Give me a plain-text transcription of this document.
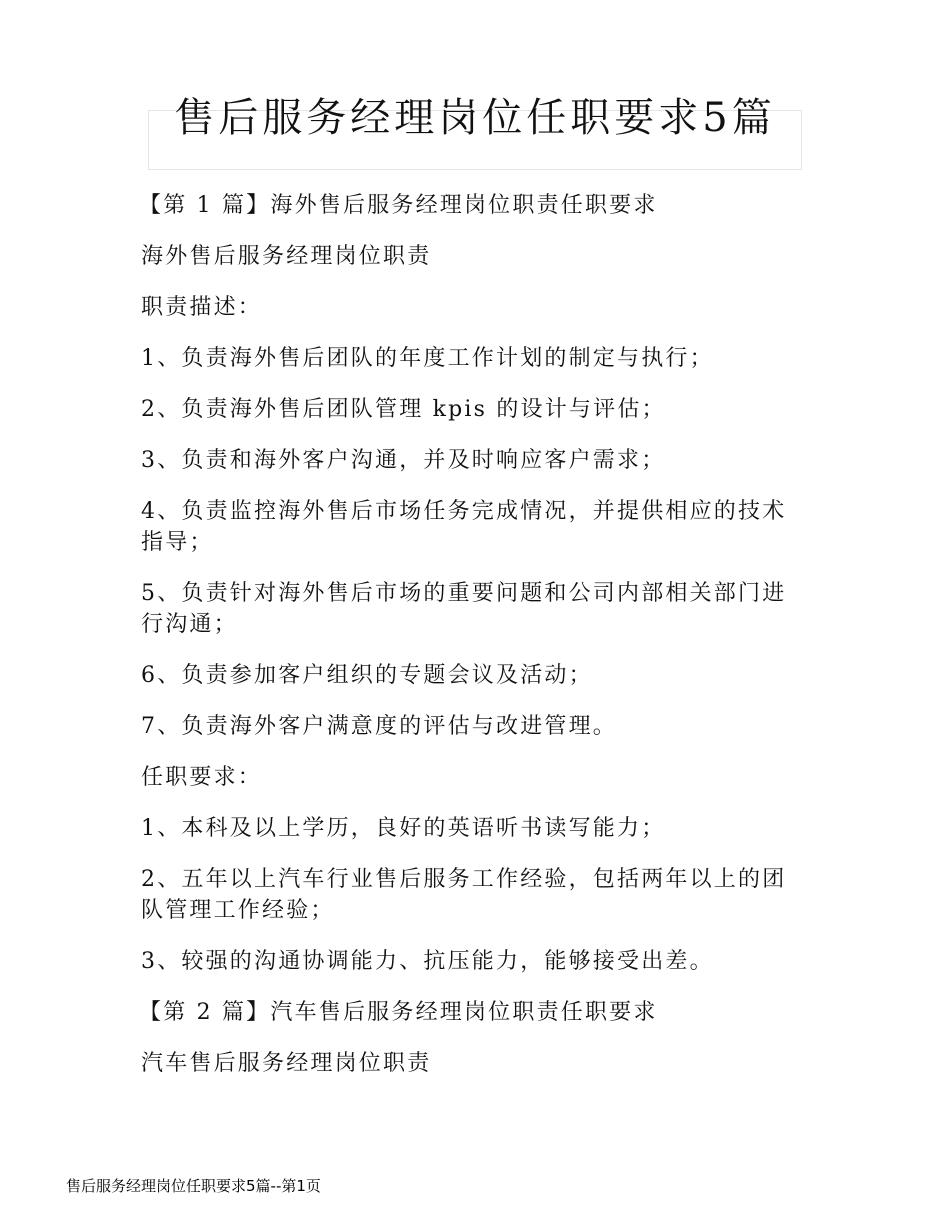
售后服务经理岗位任职要求5篇

【第 1 篇】海外售后服务经理岗位职责任职要求

海外售后服务经理岗位职责

职责描述：

1、负责海外售后团队的年度工作计划的制定与执行；

2、负责海外售后团队管理 kpis 的设计与评估；

3、负责和海外客户沟通，并及时响应客户需求；

4、负责监控海外售后市场任务完成情况，并提供相应的技术指导；

5、负责针对海外售后市场的重要问题和公司内部相关部门进行沟通；

6、负责参加客户组织的专题会议及活动；

7、负责海外客户满意度的评估与改进管理。

任职要求：

1、本科及以上学历，良好的英语听书读写能力；

2、五年以上汽车行业售后服务工作经验，包括两年以上的团队管理工作经验；

3、较强的沟通协调能力、抗压能力，能够接受出差。

【第 2 篇】汽车售后服务经理岗位职责任职要求

汽车售后服务经理岗位职责

售后服务经理岗位任职要求5篇--第1页
